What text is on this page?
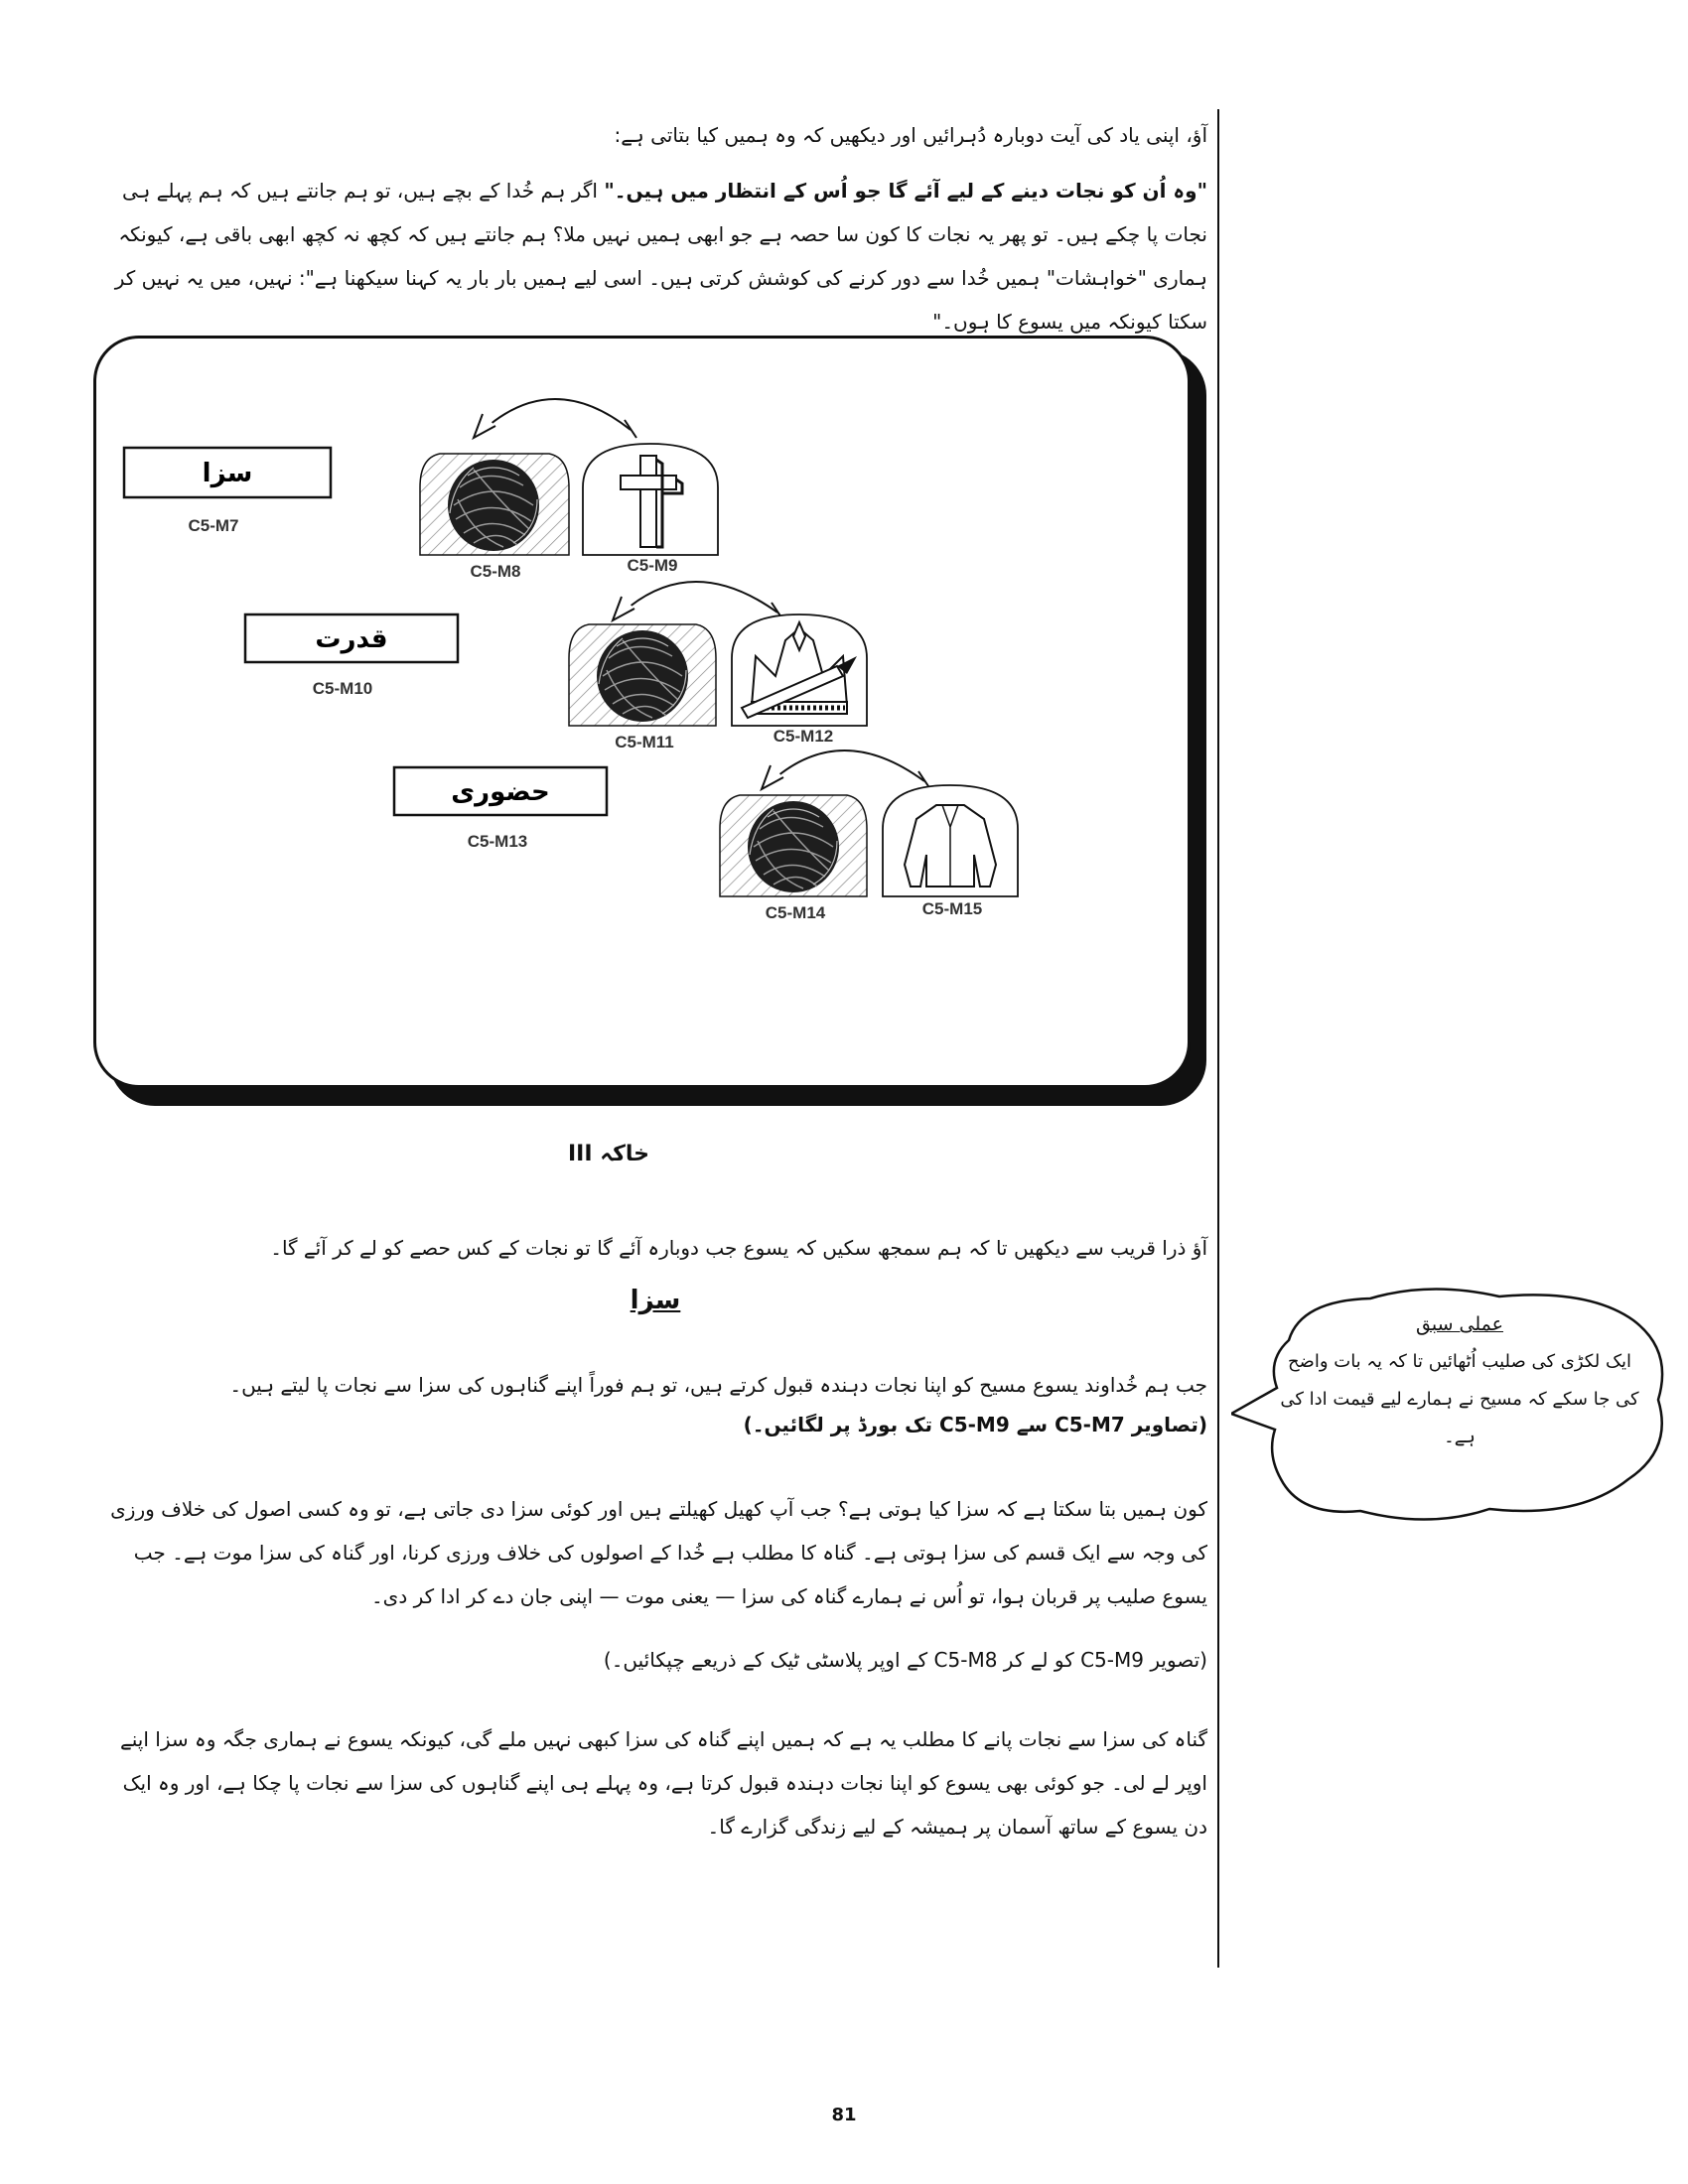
آؤ، اپنی یاد کی آیت دوبارہ دُہرائیں اور دیکھیں کہ وہ ہمیں کیا بتاتی ہے:

"وہ اُن کو نجات دینے کے لیے آئے گا جو اُس کے انتظار میں ہیں۔" اگر ہم خُدا کے بچے ہیں، تو ہم جانتے ہیں کہ ہم پہلے ہی نجات پا چکے ہیں۔ تو پھر یہ نجات کا کون سا حصہ ہے جو ابھی ہمیں نہیں ملا؟ ہم جانتے ہیں کہ کچھ نہ کچھ ابھی باقی ہے، کیونکہ ہماری "خواہشات" ہمیں خُدا سے دور کرنے کی کوشش کرتی ہیں۔ اسی لیے ہمیں بار بار یہ کہنا سیکھنا ہے": نہیں، میں یہ نہیں کر سکتا کیونکہ میں یسوع کا ہوں۔"

سزا
قدرت
حضوری
C5-M7
C5-M8	C5-M9
C5-M10
C5-M11	C5-M12
C5-M13
C5-M14	C5-M15
خاکہ III

آؤ ذرا قریب سے دیکھیں تا کہ ہم سمجھ سکیں کہ یسوع جب دوبارہ آئے گا تو نجات کے کس حصے کو لے کر آئے گا۔

سزا
جب ہم خُداوند یسوع مسیح کو اپنا نجات دہندہ قبول کرتے ہیں، تو ہم فوراً اپنے گناہوں کی سزا سے نجات پا لیتے ہیں۔
(تصاویر C5-M7 سے C5-M9 تک بورڈ پر لگائیں۔)

کون ہمیں بتا سکتا ہے کہ سزا کیا ہوتی ہے؟ جب آپ کھیل کھیلتے ہیں اور کوئی سزا دی جاتی ہے، تو وہ کسی اصول کی خلاف ورزی کی وجہ سے ایک قسم کی سزا ہوتی ہے۔ گناہ کا مطلب ہے خُدا کے اصولوں کی خلاف ورزی کرنا، اور گناہ کی سزا موت ہے۔ جب یسوع صلیب پر قربان ہوا، تو اُس نے ہمارے گناہ کی سزا — یعنی موت — اپنی جان دے کر ادا کر دی۔

(تصویر C5-M9 کو لے کر C5-M8 کے اوپر پلاسٹی ٹیک کے ذریعے چپکائیں۔)

گناہ کی سزا سے نجات پانے کا مطلب یہ ہے کہ ہمیں اپنے گناہ کی سزا کبھی نہیں ملے گی، کیونکہ یسوع نے ہماری جگہ وہ سزا اپنے اوپر لے لی۔ جو کوئی بھی یسوع کو اپنا نجات دہندہ قبول کرتا ہے، وہ پہلے ہی اپنے گناہوں کی سزا سے نجات پا چکا ہے، اور وہ ایک دن یسوع کے ساتھ آسمان پر ہمیشہ کے لیے زندگی گزارے گا۔

عملی سبق
ایک لکڑی کی صلیب اُٹھائیں تا کہ یہ بات واضح کی جا سکے کہ مسیح نے ہمارے لیے قیمت ادا کی ہے۔
81
